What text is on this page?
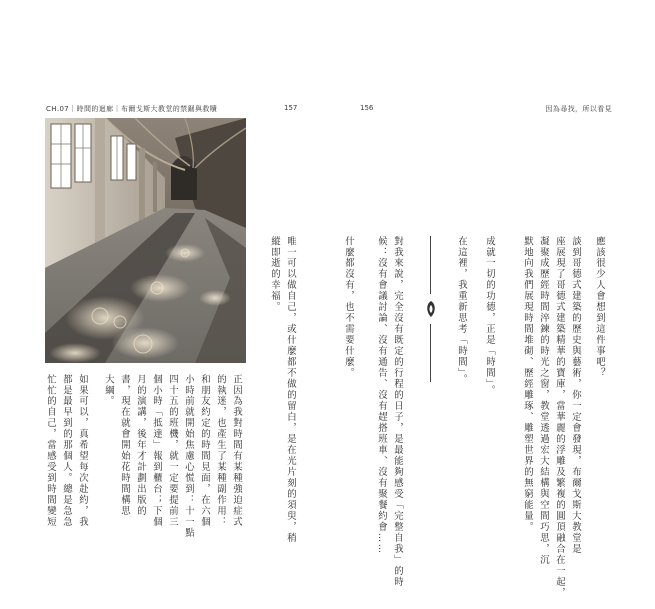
CH.07｜時間的迴廊｜布爾戈斯大教堂的禁錮與救贖	157	156	因為尋找，所以看見
應該很少人會想到這件事吧？
談到哥德式建築的歷史與藝術，你一定會發現，布爾戈斯大教堂是
座展現了哥德式建築精華的寶庫，當華麗的浮雕及繁複的圓頂融合在一起，
凝聚成歷經時間淬鍊的時光之窗，教堂透過宏大結構與空間巧思，沉
默地向我們展現時間堆砌、歷經雕琢、雕塑世界的無窮能量。
成就一切的功德，正是「時間」。
在這裡，我重新思考「時間」。
對我來說，完全沒有既定的行程的日子，是最能夠感受「完整自我」的時
候：沒有會議討論、沒有通告、沒有趕搭班車、沒有聚餐約會……
什麼都沒有，也不需要什麼。
唯一可以做自己，或什麼都不做的留白，是在光片刻的須臾，稍
縱即逝的幸福。
正因為我對時間有某種強迫症式
的執迷，也產生了某種副作用：
和朋友約定的時間見面，在六個
小時前就開始焦慮心慌到：十一點
四十五的班機，就一定要提前三
個小時「抵達」報到櫃台；下個
月的演講，後年才計劃出版的
書，現在就會開始花時間構思
大綱。
如果可以，真希望每次赴約，我
都是最早到的那個人。總是急急
忙忙的自己，當感受到時間變短
